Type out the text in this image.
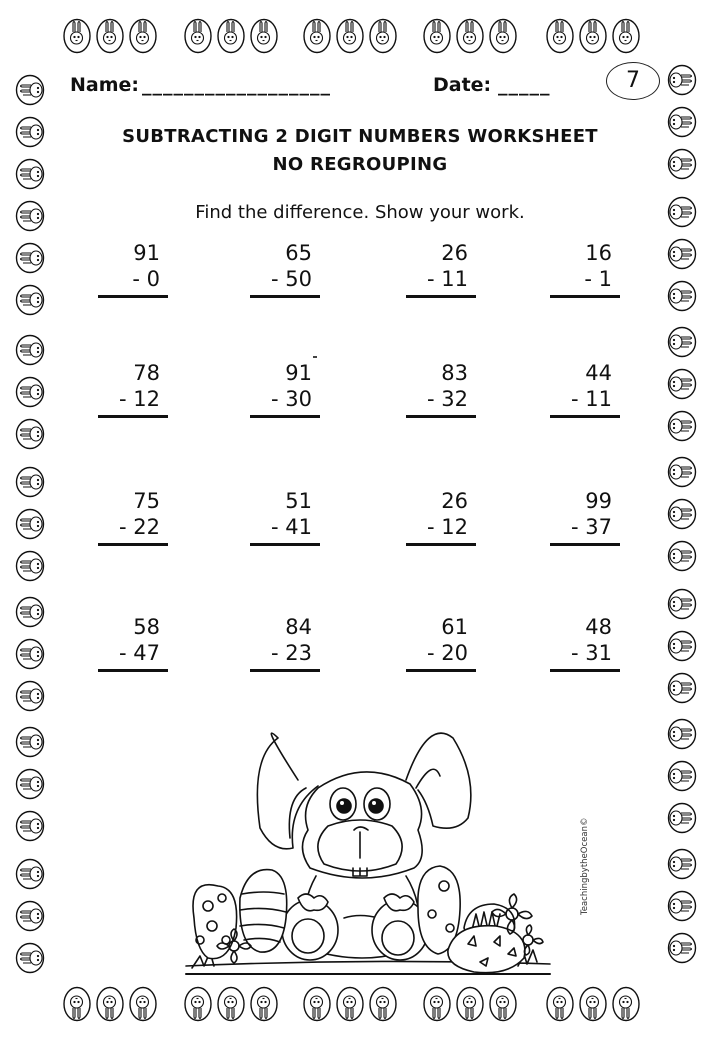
Name: __________________	Date: _____	7
SUBTRACTING 2 DIGIT NUMBERS WORKSHEET
NO REGROUPING
Find the difference. Show your work.
91
- 0
65
- 50
26
- 11
16
- 1
78
- 12
91
- 30
83
- 32
44
- 11
75
- 22
51
- 41
26
- 12
99
- 37
58
- 47
84
- 23
61
- 20
48
- 31
TeachingbytheOcean©
